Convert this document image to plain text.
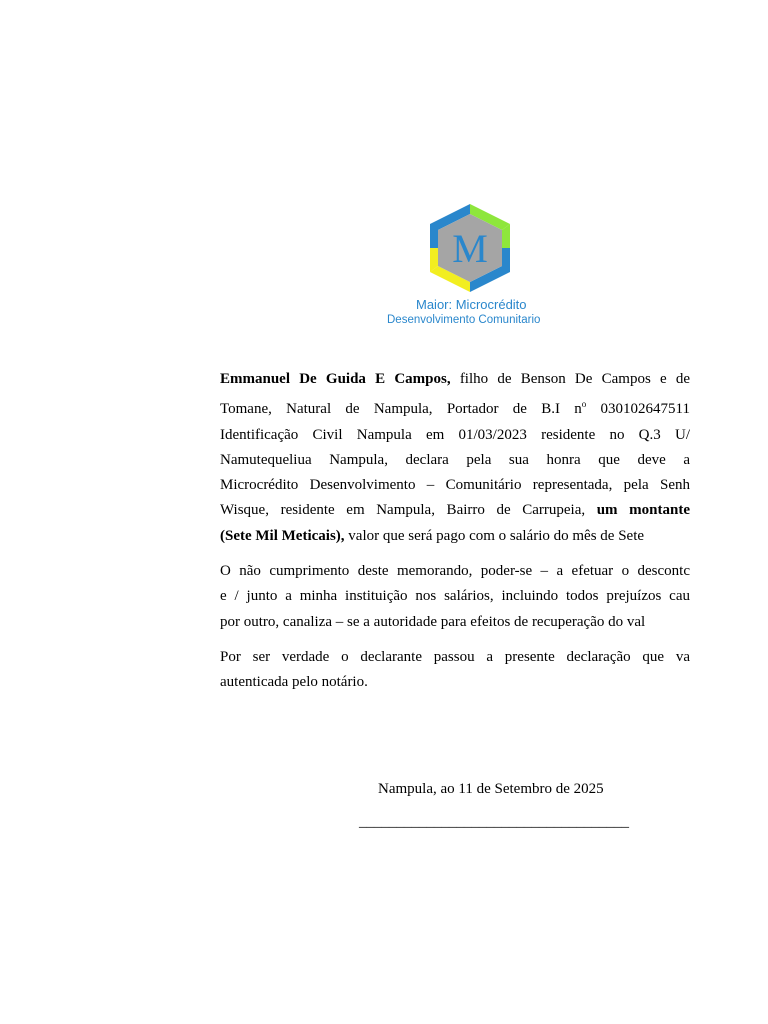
M
Maior: Microcrédito
Desenvolvimento Comunitario
Emmanuel De Guida E Campos, filho de Benson De Campos e de
Tomane, Natural de Nampula, Portador de B.I $n^o$ 030102647511
Identificação Civil Nampula em 01/03/2023 residente no Q.3 U/
Namutequeliua Nampula, declara pela sua honra que deve a
Microcrédito Desenvolvimento – Comunitário representada, pela Senh
Wisque, residente em Nampula, Bairro de Carrupeia, um montante
(Sete Mil Meticais), valor que será pago com o salário do mês de Sete
O não cumprimento deste memorando, poder-se – a efetuar o descontc
e / junto a minha instituição nos salários, incluindo todos prejuízos cau
por outro, canaliza – se a autoridade para efeitos de recuperação do val
Por ser verdade o declarante passou a presente declaração que va
autenticada pelo notário.
Nampula, ao 11 de Setembro de 2025
____________________________________
